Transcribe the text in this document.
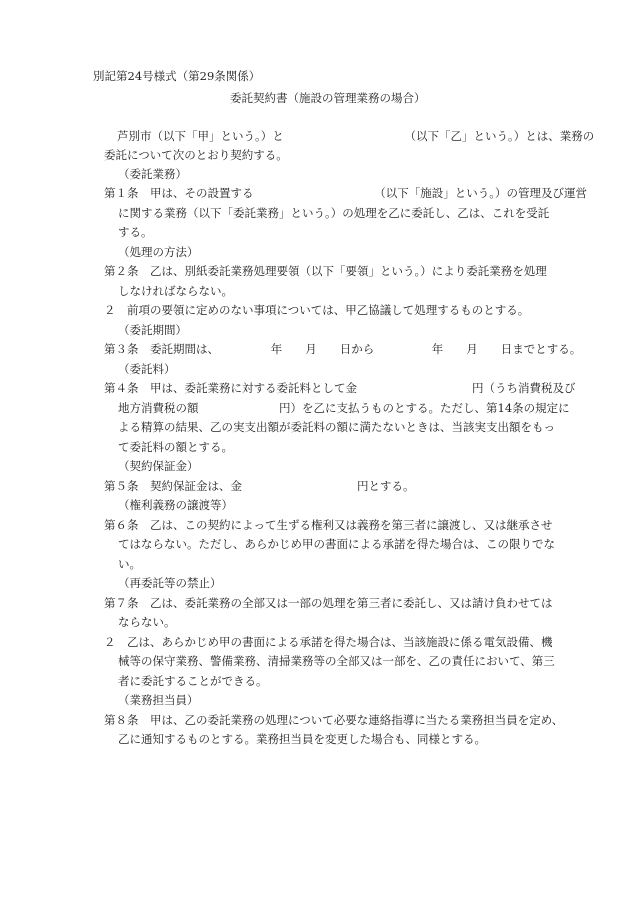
別記第24号様式（第29条関係）
委託契約書（施設の管理業務の場合）
芦別市（以下「甲」という。）と　　　　　　　　　　　（以下「乙」という。）とは、業務の
委託について次のとおり契約する。
（委託業務）
第１条　甲は、その設置する　　　　　　　　　　　（以下「施設」という。）の管理及び運営
に関する業務（以下「委託業務」という。）の処理を乙に委託し、乙は、これを受託
する。
（処理の方法）
第２条　乙は、別紙委託業務処理要領（以下「要領」という。）により委託業務を処理
しなければならない。
２　前項の要領に定めのない事項については、甲乙協議して処理するものとする。
（委託期間）
第３条　委託期間は、　　　　　年　　月　　日から　　　　　年　　月　　日までとする。
（委託料）
第４条　甲は、委託業務に対する委託料として金　　　　　　　　　　円（うち消費税及び
地方消費税の額　　　　　　　円）を乙に支払うものとする。ただし、第14条の規定に
よる精算の結果、乙の実支出額が委託料の額に満たないときは、当該実支出額をもっ
て委託料の額とする。
（契約保証金）
第５条　契約保証金は、金　　　　　　　　　　円とする。
（権利義務の譲渡等）
第６条　乙は、この契約によって生ずる権利又は義務を第三者に譲渡し、又は継承させ
てはならない。ただし、あらかじめ甲の書面による承諾を得た場合は、この限りでな
い。
（再委託等の禁止）
第７条　乙は、委託業務の全部又は一部の処理を第三者に委託し、又は請け負わせては
ならない。
２　乙は、あらかじめ甲の書面による承諾を得た場合は、当該施設に係る電気設備、機
械等の保守業務、警備業務、清掃業務等の全部又は一部を、乙の責任において、第三
者に委託することができる。
（業務担当員）
第８条　甲は、乙の委託業務の処理について必要な連絡指導に当たる業務担当員を定め、
乙に通知するものとする。業務担当員を変更した場合も、同様とする。
